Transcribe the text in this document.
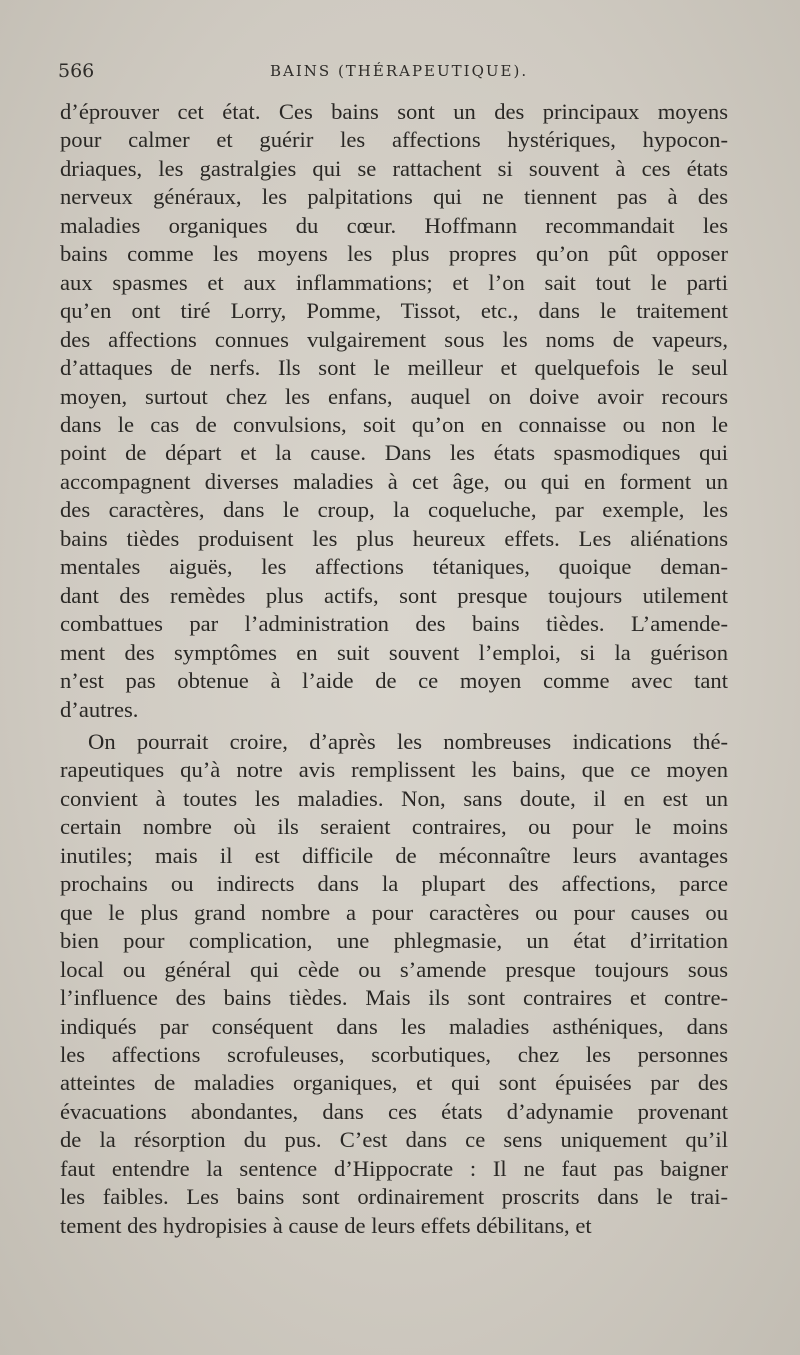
566	BAINS (THÉRAPEUTIQUE).
d’éprouver cet état. Ces bains sont un des principaux moyens
pour calmer et guérir les affections hystériques, hypocon-
driaques, les gastralgies qui se rattachent si souvent à ces états
nerveux généraux, les palpitations qui ne tiennent pas à des
maladies organiques du cœur. Hoffmann recommandait les
bains comme les moyens les plus propres qu’on pût opposer
aux spasmes et aux inflammations; et l’on sait tout le parti
qu’en ont tiré Lorry, Pomme, Tissot, etc., dans le traitement
des affections connues vulgairement sous les noms de vapeurs,
d’attaques de nerfs. Ils sont le meilleur et quelquefois le seul
moyen, surtout chez les enfans, auquel on doive avoir recours
dans le cas de convulsions, soit qu’on en connaisse ou non le
point de départ et la cause. Dans les états spasmodiques qui
accompagnent diverses maladies à cet âge, ou qui en forment un
des caractères, dans le croup, la coqueluche, par exemple, les
bains tièdes produisent les plus heureux effets. Les aliénations
mentales aiguës, les affections tétaniques, quoique deman-
dant des remèdes plus actifs, sont presque toujours utilement
combattues par l’administration des bains tièdes. L’amende-
ment des symptômes en suit souvent l’emploi, si la guérison
n’est pas obtenue à l’aide de ce moyen comme avec tant
d’autres.
On pourrait croire, d’après les nombreuses indications thé-
rapeutiques qu’à notre avis remplissent les bains, que ce moyen
convient à toutes les maladies. Non, sans doute, il en est un
certain nombre où ils seraient contraires, ou pour le moins
inutiles; mais il est difficile de méconnaître leurs avantages
prochains ou indirects dans la plupart des affections, parce
que le plus grand nombre a pour caractères ou pour causes ou
bien pour complication, une phlegmasie, un état d’irritation
local ou général qui cède ou s’amende presque toujours sous
l’influence des bains tièdes. Mais ils sont contraires et contre-
indiqués par conséquent dans les maladies asthéniques, dans
les affections scrofuleuses, scorbutiques, chez les personnes
atteintes de maladies organiques, et qui sont épuisées par des
évacuations abondantes, dans ces états d’adynamie provenant
de la résorption du pus. C’est dans ce sens uniquement qu’il
faut entendre la sentence d’Hippocrate : Il ne faut pas baigner
les faibles. Les bains sont ordinairement proscrits dans le trai-
tement des hydropisies à cause de leurs effets débilitans, et
